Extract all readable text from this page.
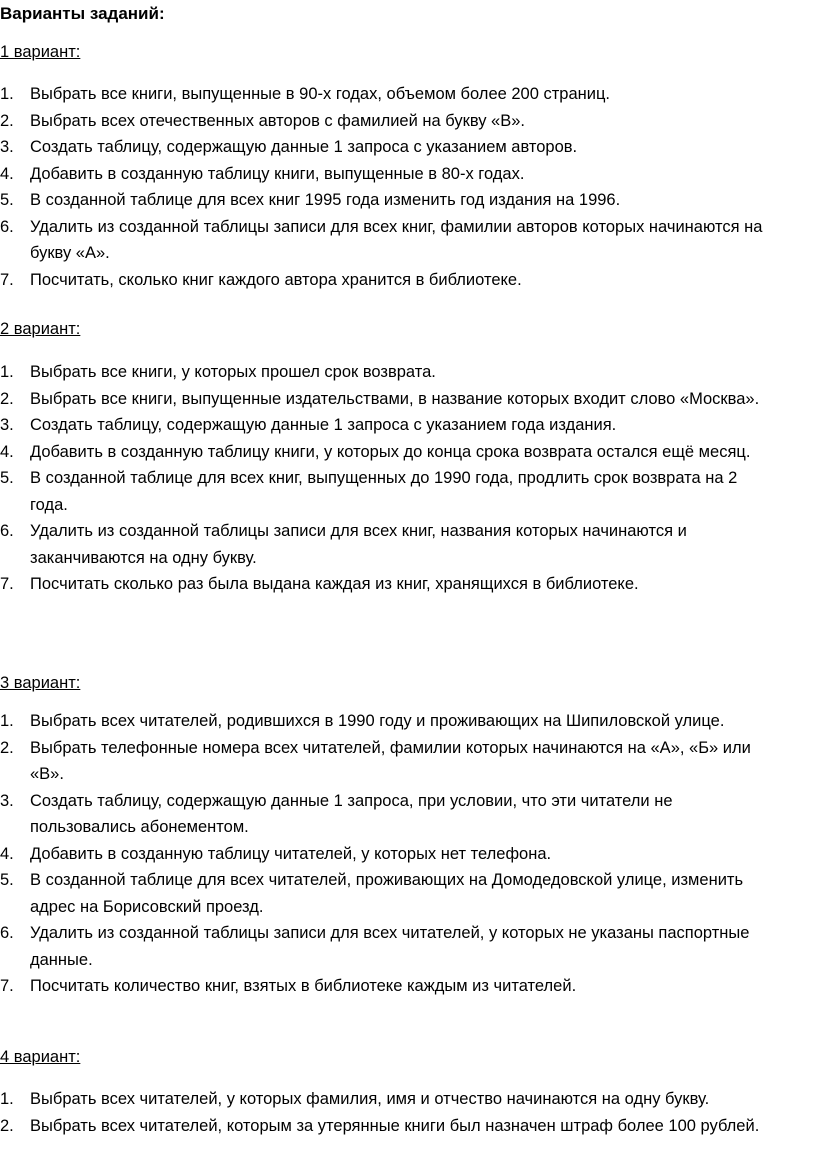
Варианты заданий:
1 вариант:
1. Выбрать все книги, выпущенные в 90-х годах, объемом более 200 страниц.
2. Выбрать всех отечественных авторов с фамилией на букву «В».
3. Создать таблицу, содержащую данные 1 запроса с указанием авторов.
4. Добавить в созданную таблицу книги, выпущенные в 80-х годах.
5. В созданной таблице для всех книг 1995 года изменить год издания на 1996.
6. Удалить из созданной таблицы записи для всех книг, фамилии авторов которых начинаются на букву «А».
7. Посчитать, сколько книг каждого автора хранится в библиотеке.
2 вариант:
1. Выбрать все книги, у которых прошел срок возврата.
2. Выбрать все книги, выпущенные издательствами, в название которых входит слово «Москва».
3. Создать таблицу, содержащую данные 1 запроса с указанием года издания.
4. Добавить в созданную таблицу книги, у которых до конца срока возврата остался ещё месяц.
5. В созданной таблице для всех книг, выпущенных до 1990 года, продлить срок возврата на 2 года.
6. Удалить из созданной таблицы записи для всех книг, названия которых начинаются и заканчиваются на одну букву.
7. Посчитать сколько раз была выдана каждая из книг, хранящихся в библиотеке.
3 вариант:
1. Выбрать всех читателей, родившихся в 1990 году и проживающих на Шипиловской улице.
2. Выбрать телефонные номера всех читателей, фамилии которых начинаются на «А», «Б» или «В».
3. Создать таблицу, содержащую данные 1 запроса, при условии, что эти читатели не пользовались абонементом.
4. Добавить в созданную таблицу читателей, у которых нет телефона.
5. В созданной таблице для всех читателей, проживающих на Домодедовской улице, изменить адрес на Борисовский проезд.
6. Удалить из созданной таблицы записи для всех читателей, у которых не указаны паспортные данные.
7. Посчитать количество книг, взятых в библиотеке каждым из читателей.
4 вариант:
1. Выбрать всех читателей, у которых фамилия, имя и отчество начинаются на одну букву.
2. Выбрать всех читателей, которым за утерянные книги был назначен штраф более 100 рублей.
